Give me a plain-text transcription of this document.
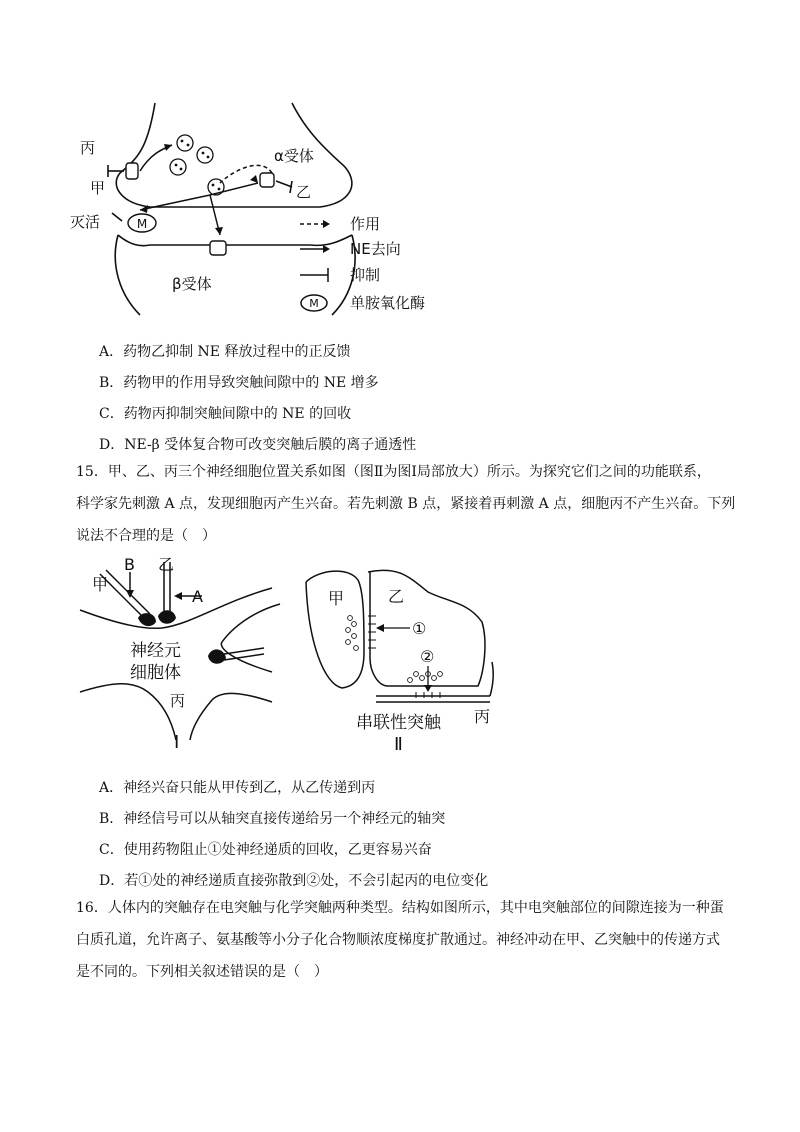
M
丙
甲
灭活
α受体
乙
β受体
M
作用
NE去向
抑制
单胺氧化酶
A．药物乙抑制 NE 释放过程中的正反馈
B．药物甲的作用导致突触间隙中的 NE 增多
C．药物丙抑制突触间隙中的 NE 的回收
D．NE-β 受体复合物可改变突触后膜的离子通透性

15．甲、乙、丙三个神经细胞位置关系如图（图Ⅱ为图Ⅰ局部放大）所示。为探究它们之间的功能联系，

科学家先刺激 A 点，发现细胞丙产生兴奋。若先刺激 B 点，紧接着再刺激 A 点，细胞丙不产生兴奋。下列

说法不合理的是（　）

B 乙
甲
A
神经元
细胞体
丙
Ⅰ
甲	乙
①
②
串联性突触 丙
Ⅱ
A．神经兴奋只能从甲传到乙，从乙传递到丙
B．神经信号可以从轴突直接传递给另一个神经元的轴突
C．使用药物阻止①处神经递质的回收，乙更容易兴奋
D．若①处的神经递质直接弥散到②处，不会引起丙的电位变化

16．人体内的突触存在电突触与化学突触两种类型。结构如图所示，其中电突触部位的间隙连接为一种蛋

白质孔道，允许离子、氨基酸等小分子化合物顺浓度梯度扩散通过。神经冲动在甲、乙突触中的传递方式

是不同的。下列相关叙述错误的是（　）
